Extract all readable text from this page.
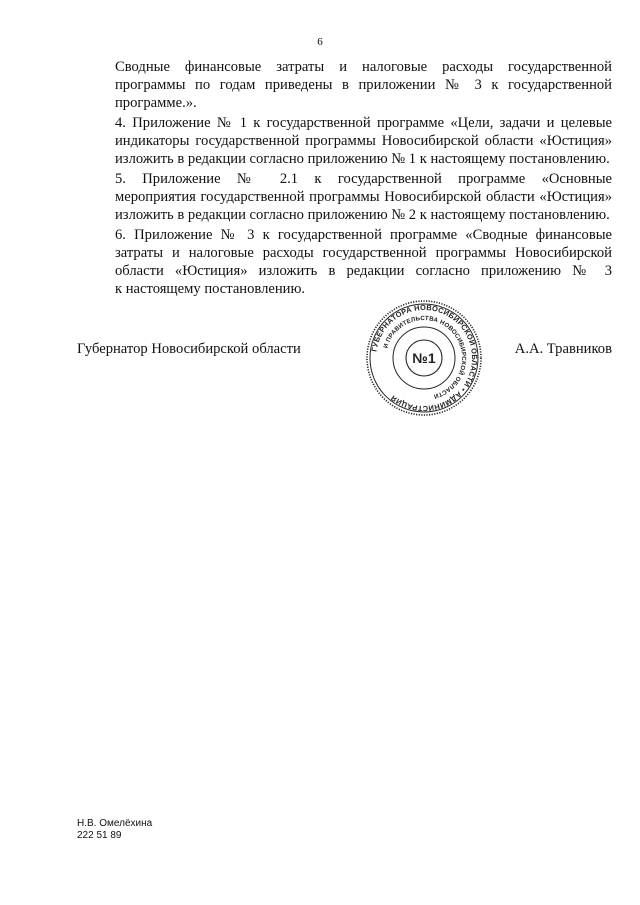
6

Сводные финансовые затраты и налоговые расходы государственной
программы по годам приведены в приложении № 3 к государственной
программе.».

4. Приложение № 1 к государственной программе «Цели, задачи и целевые
индикаторы государственной программы Новосибирской области «Юстиция»
изложить в редакции согласно приложению № 1 к настоящему постановлению.

5. Приложение № 2.1 к государственной программе «Основные
мероприятия государственной программы Новосибирской области «Юстиция»
изложить в редакции согласно приложению № 2 к настоящему постановлению.

6. Приложение № 3 к государственной программе «Сводные финансовые
затраты и налоговые расходы государственной программы Новосибирской
области «Юстиция» изложить в редакции согласно приложению № 3
к настоящему постановлению.

Губернатор Новосибирской области	А.А. Травников
ГУБЕРНАТОРА НОВОСИБИРСКОЙ ОБЛАСТИ • АДМИНИСТРАЦИЯ
И ПРАВИТЕЛЬСТВА НОВОСИБИРСКОЙ ОБЛАСТИ
№1
Н.В. Омелёхина
222 51 89
